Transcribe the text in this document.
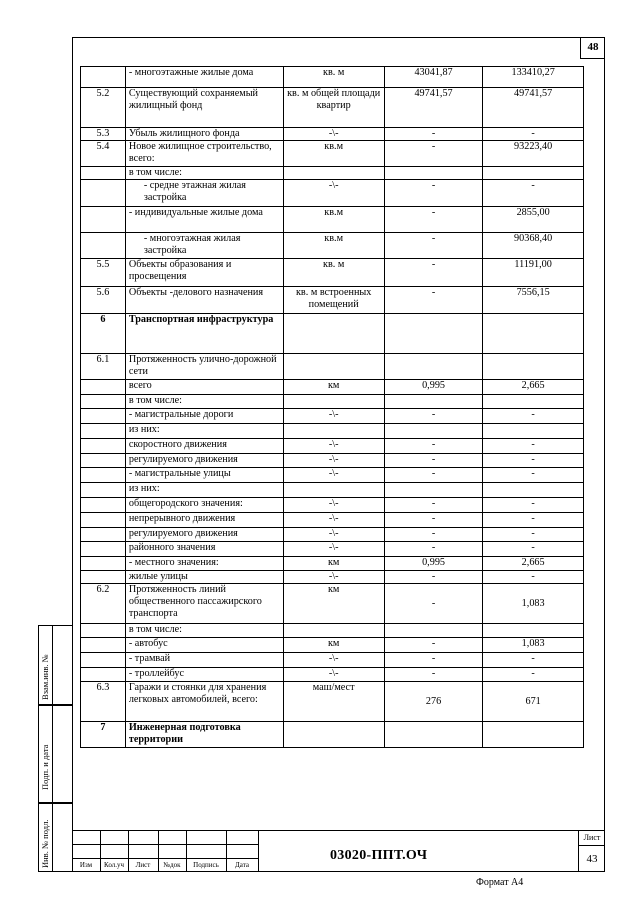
48
	- многоэтажные жилые дома	кв. м	43041,87	133410,27
5.2	Существующий сохраняемый жилищный фонд	кв. м общей площади квартир	49741,57	49741,57
5.3	Убыль жилищного фонда	-\-	-	-
5.4	Новое жилищное строительство, всего:	кв.м	-	93223,40
	в том числе:			
	- средне этажная жилая застройка	-\-	-	-
	- индивидуальные жилые дома	кв.м	-	2855,00
	- многоэтажная жилая застройка	кв.м	-	90368,40
5.5	Объекты образования и просвещения	кв. м	-	11191,00
5.6	Объекты -делового назначения	кв. м встроенных помещений	-	7556,15
6	Транспортная инфраструктура			
6.1	Протяженность улично-дорожной сети			
	всего	км	0,995	2,665
	в том числе:			
	- магистральные дороги	-\-	-	-
	из них:			
	скоростного движения	-\-	-	-
	регулируемого движения	-\-	-	-
	- магистральные улицы	-\-	-	-
	из них:			
	общегородского значения:	-\-	-	-
	непрерывного движения	-\-	-	-
	регулируемого движения	-\-	-	-
	районного значения	-\-	-	-
	- местного значения:	км	0,995	2,665
	жилые улицы	-\-	-	-
6.2	Протяженность линий общественного пассажирского транспорта	км	-	1,083
	в том числе:			
	- автобус	км	-	1,083
	- трамвай	-\-	-	-
	- троллейбус	-\-	-	-
6.3	Гаражи и стоянки для хранения легковых автомобилей, всего:	маш/мест	276	671
7	Инженерная подготовка территории			
Взам.инв. №
Подп. и дата
Инв. № подл.	Изм	Кол.уч	Лист	№док	Подпись	Дата
03020-ППТ.ОЧ
Лист
43
Формат А4
